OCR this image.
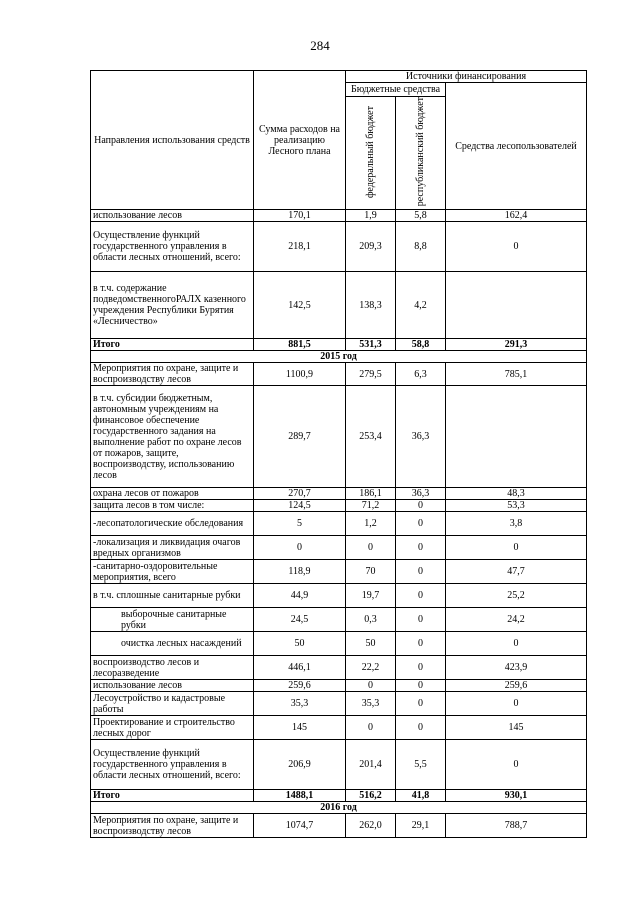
284
Направления использования средств	Сумма расходов на реализацию Лесного плана	Источники финансирования		
		Бюджетные средства		Средства лесопользователей
		федеральный бюджет	республиканский бюджет	
использование лесов	170,1	1,9	5,8	162,4
Осуществление функций государственного управления в области лесных отношений, всего:	218,1	209,3	8,8	0
в т.ч. содержание подведомственногоРАЛХ казенного учреждения Республики Бурятия «Лесничество»	142,5	138,3	4,2	
Итого	881,5	531,3	58,8	291,3
2015 год				
Мероприятия по охране, защите и воспроизводству лесов	1100,9	279,5	6,3	785,1
в т.ч. субсидии бюджетным, автономным учреждениям на финансовое обеспечение государственного задания на выполнение работ по охране лесов от пожаров, защите, воспроизводству, использованию лесов	289,7	253,4	36,3	
охрана лесов от пожаров	270,7	186,1	36,3	48,3
защита лесов в том числе:	124,5	71,2	0	53,3
-лесопатологические обследования	5	1,2	0	3,8
-локализация и ликвидация очагов вредных организмов	0	0	0	0
-санитарно-оздоровительные мероприятия, всего	118,9	70	0	47,7
в т.ч. сплошные санитарные рубки	44,9	19,7	0	25,2
выборочные санитарные рубки	24,5	0,3	0	24,2
очистка лесных насаждений	50	50	0	0
воспроизводство лесов и лесоразведение	446,1	22,2	0	423,9
использование лесов	259,6	0	0	259,6
Лесоустройство и кадастровые работы	35,3	35,3	0	0
Проектирование и строительство лесных дорог	145	0	0	145
Осуществление функций государственного управления в области лесных отношений, всего:	206,9	201,4	5,5	0
Итого	1488,1	516,2	41,8	930,1
2016 год				
Мероприятия по охране, защите и воспроизводству лесов	1074,7	262,0	29,1	788,7
